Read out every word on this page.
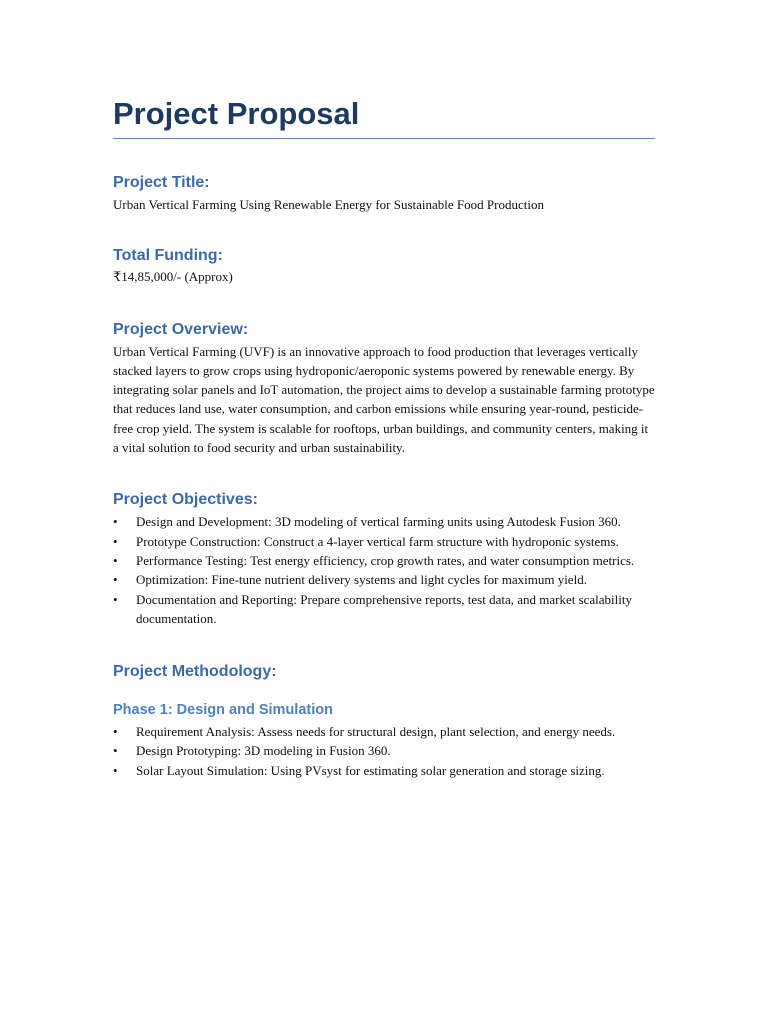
Project Proposal
Project Title:

Urban Vertical Farming Using Renewable Energy for Sustainable Food Production

Total Funding:

₹14,85,000/- (Approx)

Project Overview:

Urban Vertical Farming (UVF) is an innovative approach to food production that leverages vertically stacked layers to grow crops using hydroponic/aeroponic systems powered by renewable energy. By integrating solar panels and IoT automation, the project aims to develop a sustainable farming prototype that reduces land use, water consumption, and carbon emissions while ensuring year-round, pesticide-free crop yield. The system is scalable for rooftops, urban buildings, and community centers, making it a vital solution to food security and urban sustainability.

Project Objectives:
• Design and Development: 3D modeling of vertical farming units using Autodesk Fusion 360.
• Prototype Construction: Construct a 4-layer vertical farm structure with hydroponic systems.
• Performance Testing: Test energy efficiency, crop growth rates, and water consumption metrics.
• Optimization: Fine-tune nutrient delivery systems and light cycles for maximum yield.
• Documentation and Reporting: Prepare comprehensive reports, test data, and market scalability documentation.
Project Methodology:
Phase 1: Design and Simulation
• Requirement Analysis: Assess needs for structural design, plant selection, and energy needs.
• Design Prototyping: 3D modeling in Fusion 360.
• Solar Layout Simulation: Using PVsyst for estimating solar generation and storage sizing.
